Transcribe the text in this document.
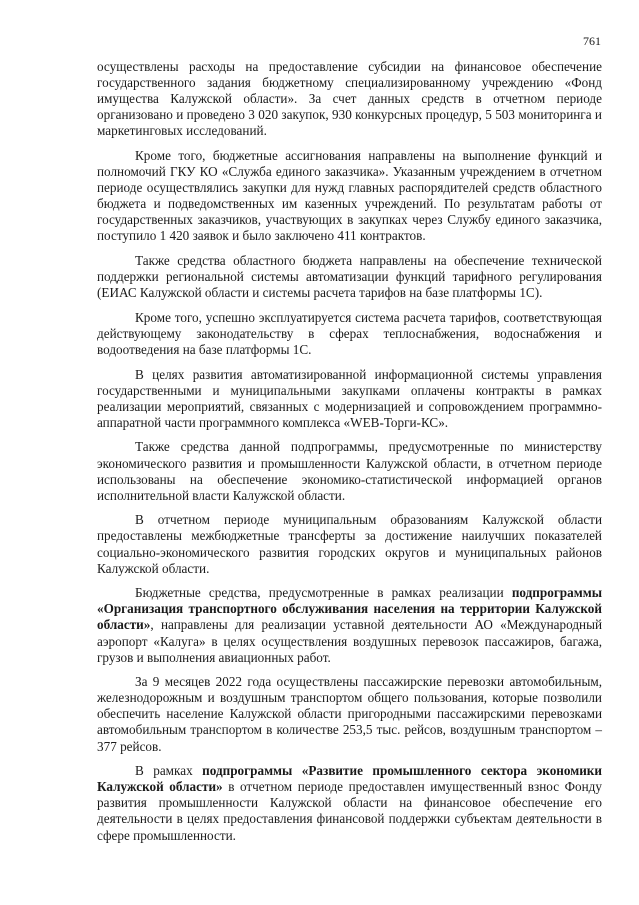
761

осуществлены расходы на предоставление субсидии на финансовое обеспечение государственного задания бюджетному специализированному учреждению «Фонд имущества Калужской области». За счет данных средств в отчетном периоде организовано и проведено 3 020 закупок, 930 конкурсных процедур, 5 503 мониторинга и маркетинговых исследований.

Кроме того, бюджетные ассигнования направлены на выполнение функций и полномочий ГКУ КО «Служба единого заказчика». Указанным учреждением в отчетном периоде осуществлялись закупки для нужд главных распорядителей средств областного бюджета и подведомственных им казенных учреждений. По результатам работы от государственных заказчиков, участвующих в закупках через Службу единого заказчика, поступило 1 420 заявок и было заключено 411 контрактов.

Также средства областного бюджета направлены на обеспечение технической поддержки региональной системы автоматизации функций тарифного регулирования (ЕИАС Калужской области и системы расчета тарифов на базе платформы 1С).

Кроме того, успешно эксплуатируется система расчета тарифов, соответствующая действующему законодательству в сферах теплоснабжения, водоснабжения и водоотведения на базе платформы 1С.

В целях развития автоматизированной информационной системы управления государственными и муниципальными закупками оплачены контракты в рамках реализации мероприятий, связанных с модернизацией и сопровождением программно-аппаратной части программного комплекса «WEB-Торги-КС».

Также средства данной подпрограммы, предусмотренные по министерству экономического развития и промышленности Калужской области, в отчетном периоде использованы на обеспечение экономико-статистической информацией органов исполнительной власти Калужской области.

В отчетном периоде муниципальным образованиям Калужской области предоставлены межбюджетные трансферты за достижение наилучших показателей социально-экономического развития городских округов и муниципальных районов Калужской области.

Бюджетные средства, предусмотренные в рамках реализации подпрограммы «Организация транспортного обслуживания населения на территории Калужской области», направлены для реализации уставной деятельности АО «Международный аэропорт «Калуга» в целях осуществления воздушных перевозок пассажиров, багажа, грузов и выполнения авиационных работ.

За 9 месяцев 2022 года осуществлены пассажирские перевозки автомобильным, железнодорожным и воздушным транспортом общего пользования, которые позволили обеспечить население Калужской области пригородными пассажирскими перевозками автомобильным транспортом в количестве 253,5 тыс. рейсов, воздушным транспортом – 377 рейсов.

В рамках подпрограммы «Развитие промышленного сектора экономики Калужской области» в отчетном периоде предоставлен имущественный взнос Фонду развития промышленности Калужской области на финансовое обеспечение его деятельности в целях предоставления финансовой поддержки субъектам деятельности в сфере промышленности.
